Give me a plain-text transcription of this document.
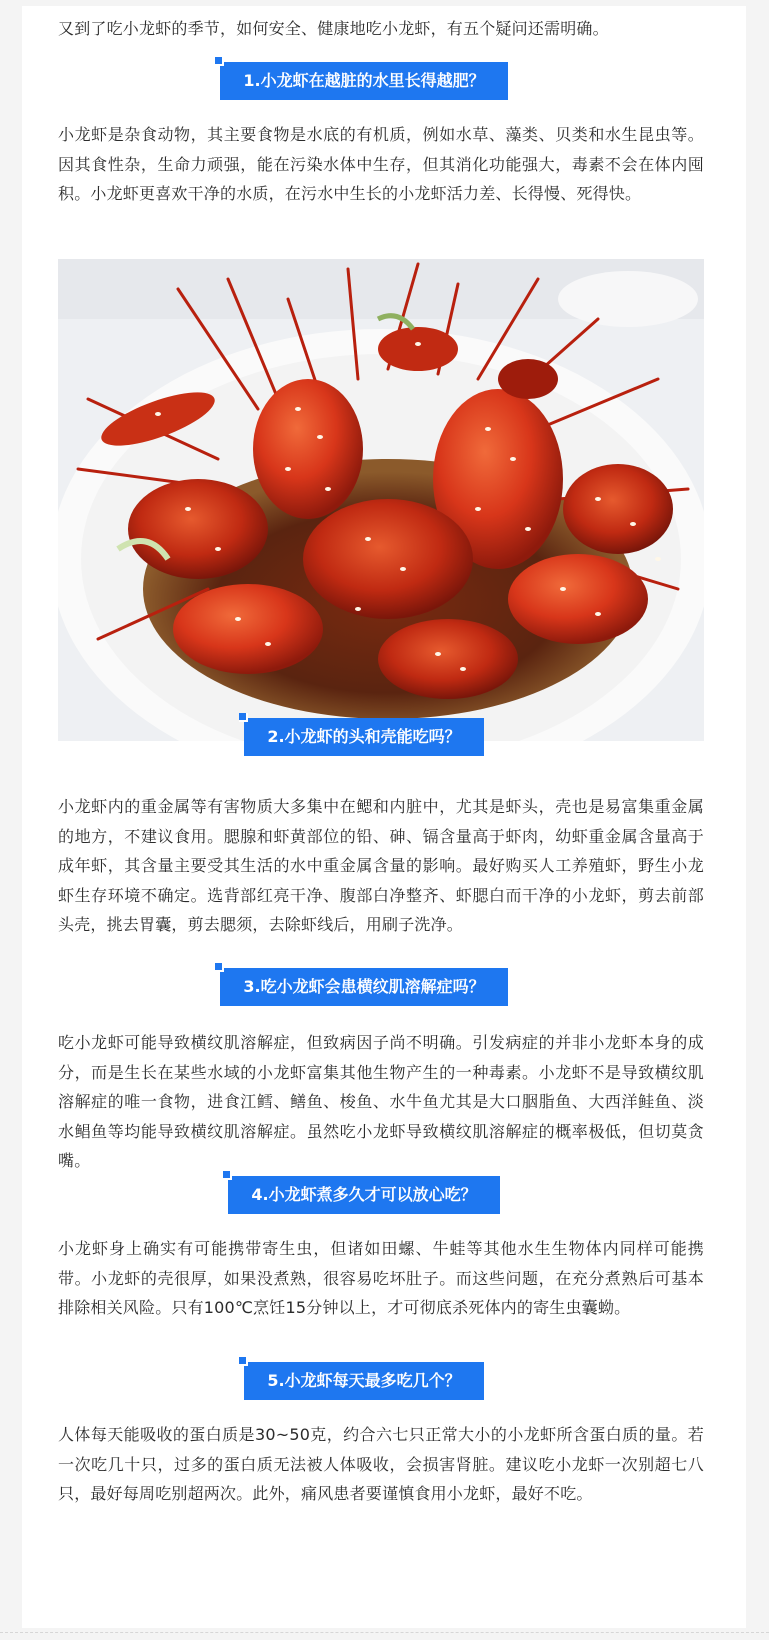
又到了吃小龙虾的季节，如何安全、健康地吃小龙虾，有五个疑问还需明确。

1.小龙虾在越脏的水里长得越肥？

小龙虾是杂食动物，其主要食物是水底的有机质，例如水草、藻类、贝类和水生昆虫等。因其食性杂，生命力顽强，能在污染水体中生存，但其消化功能强大，毒素不会在体内囤积。小龙虾更喜欢干净的水质，在污水中生长的小龙虾活力差、长得慢、死得快。

2.小龙虾的头和壳能吃吗？

小龙虾内的重金属等有害物质大多集中在鳃和内脏中，尤其是虾头，壳也是易富集重金属的地方，不建议食用。腮腺和虾黄部位的铅、砷、镉含量高于虾肉，幼虾重金属含量高于成年虾，其含量主要受其生活的水中重金属含量的影响。最好购买人工养殖虾，野生小龙虾生存环境不确定。选背部红亮干净、腹部白净整齐、虾腮白而干净的小龙虾，剪去前部头壳，挑去胃囊，剪去腮须，去除虾线后，用刷子洗净。

3.吃小龙虾会患横纹肌溶解症吗？

吃小龙虾可能导致横纹肌溶解症，但致病因子尚不明确。引发病症的并非小龙虾本身的成分，而是生长在某些水域的小龙虾富集其他生物产生的一种毒素。小龙虾不是导致横纹肌溶解症的唯一食物，进食江鳕、鳝鱼、梭鱼、水牛鱼尤其是大口胭脂鱼、大西洋鲑鱼、淡水鲳鱼等均能导致横纹肌溶解症。虽然吃小龙虾导致横纹肌溶解症的概率极低，但切莫贪嘴。

4.小龙虾煮多久才可以放心吃？

小龙虾身上确实有可能携带寄生虫，但诸如田螺、牛蛙等其他水生生物体内同样可能携带。小龙虾的壳很厚，如果没煮熟，很容易吃坏肚子。而这些问题，在充分煮熟后可基本排除相关风险。只有100℃烹饪15分钟以上，才可彻底杀死体内的寄生虫囊蚴。

5.小龙虾每天最多吃几个？

人体每天能吸收的蛋白质是30~50克，约合六七只正常大小的小龙虾所含蛋白质的量。若一次吃几十只，过多的蛋白质无法被人体吸收，会损害肾脏。建议吃小龙虾一次别超七八只，最好每周吃别超两次。此外，痛风患者要谨慎食用小龙虾，最好不吃。
